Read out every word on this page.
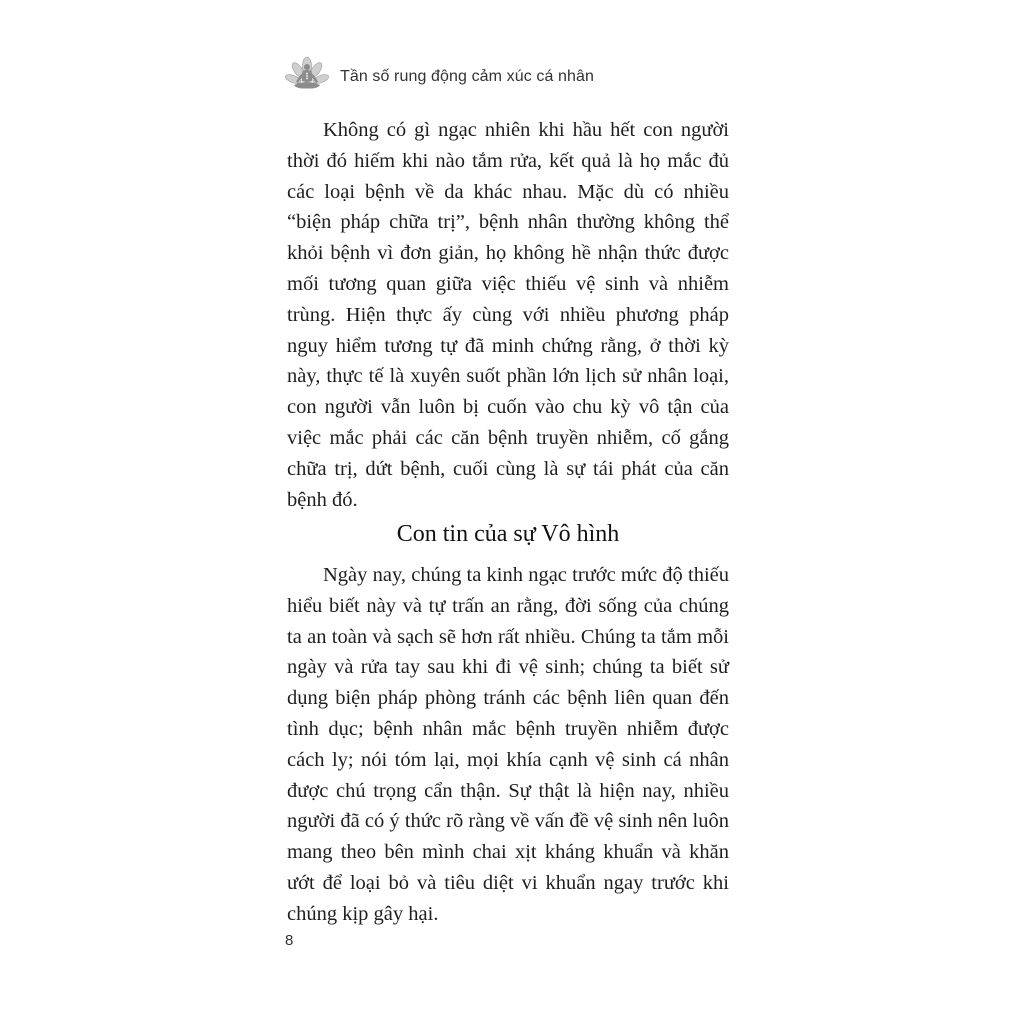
Tần số rung động cảm xúc cá nhân

Không có gì ngạc nhiên khi hầu hết con người thời đó hiếm khi nào tắm rửa, kết quả là họ mắc đủ các loại bệnh về da khác nhau. Mặc dù có nhiều “biện pháp chữa trị”, bệnh nhân thường không thể khỏi bệnh vì đơn giản, họ không hề nhận thức được mối tương quan giữa việc thiếu vệ sinh và nhiễm trùng. Hiện thực ấy cùng với nhiều phương pháp nguy hiểm tương tự đã minh chứng rằng, ở thời kỳ này, thực tế là xuyên suốt phần lớn lịch sử nhân loại, con người vẫn luôn bị cuốn vào chu kỳ vô tận của việc mắc phải các căn bệnh truyền nhiễm, cố gắng chữa trị, dứt bệnh, cuối cùng là sự tái phát của căn bệnh đó.

Con tin của sự Vô hình

Ngày nay, chúng ta kinh ngạc trước mức độ thiếu hiểu biết này và tự trấn an rằng, đời sống của chúng ta an toàn và sạch sẽ hơn rất nhiều. Chúng ta tắm mỗi ngày và rửa tay sau khi đi vệ sinh; chúng ta biết sử dụng biện pháp phòng tránh các bệnh liên quan đến tình dục; bệnh nhân mắc bệnh truyền nhiễm được cách ly; nói tóm lại, mọi khía cạnh vệ sinh cá nhân được chú trọng cẩn thận. Sự thật là hiện nay, nhiều người đã có ý thức rõ ràng về vấn đề vệ sinh nên luôn mang theo bên mình chai xịt kháng khuẩn và khăn ướt để loại bỏ và tiêu diệt vi khuẩn ngay trước khi chúng kịp gây hại.

8
